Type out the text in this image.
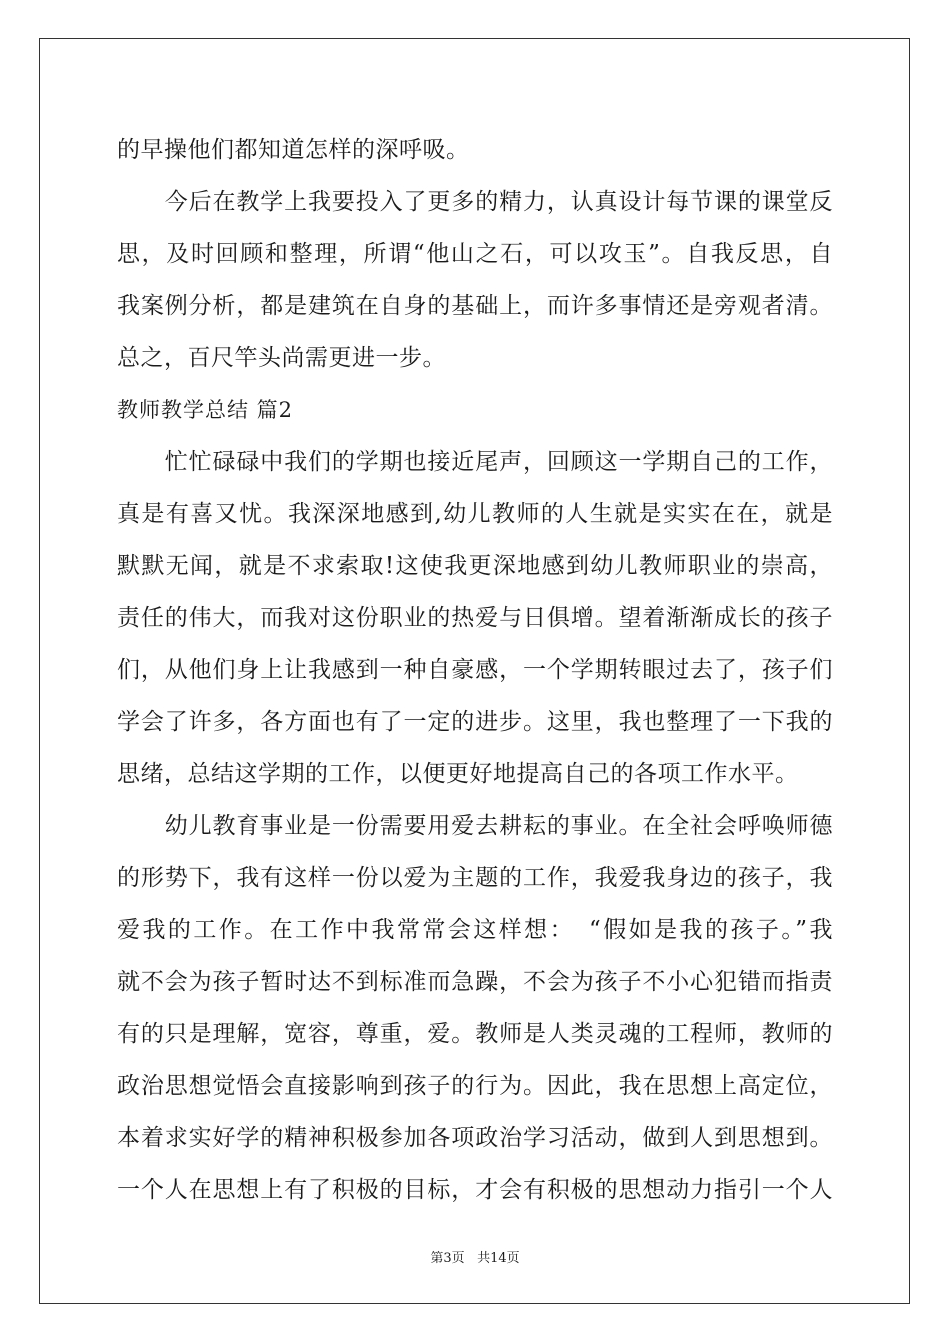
的早操他们都知道怎样的深呼吸。
　　今后在教学上我要投入了更多的精力，认真设计每节课的课堂反
思，及时回顾和整理，所谓“他山之石，可以攻玉”。自我反思，自
我案例分析，都是建筑在自身的基础上，而许多事情还是旁观者清。
总之，百尺竿头尚需更进一步。
教师教学总结 篇2
　　忙忙碌碌中我们的学期也接近尾声，回顾这一学期自己的工作，
真是有喜又忧。我深深地感到,幼儿教师的人生就是实实在在，就是
默默无闻，就是不求索取!这使我更深地感到幼儿教师职业的崇高，
责任的伟大，而我对这份职业的热爱与日俱增。望着渐渐成长的孩子
们，从他们身上让我感到一种自豪感，一个学期转眼过去了，孩子们
学会了许多，各方面也有了一定的进步。这里，我也整理了一下我的
思绪，总结这学期的工作，以便更好地提高自己的各项工作水平。
　　幼儿教育事业是一份需要用爱去耕耘的事业。在全社会呼唤师德
的形势下，我有这样一份以爱为主题的工作，我爱我身边的孩子，我
爱我的工作。在工作中我常常会这样想：　“假如是我的孩子。”我
就不会为孩子暂时达不到标准而急躁，不会为孩子不小心犯错而指责
有的只是理解，宽容，尊重，爱。教师是人类灵魂的工程师，教师的
政治思想觉悟会直接影响到孩子的行为。因此，我在思想上高定位，
本着求实好学的精神积极参加各项政治学习活动，做到人到思想到。
一个人在思想上有了积极的目标，才会有积极的思想动力指引一个人
第3页 共14页
